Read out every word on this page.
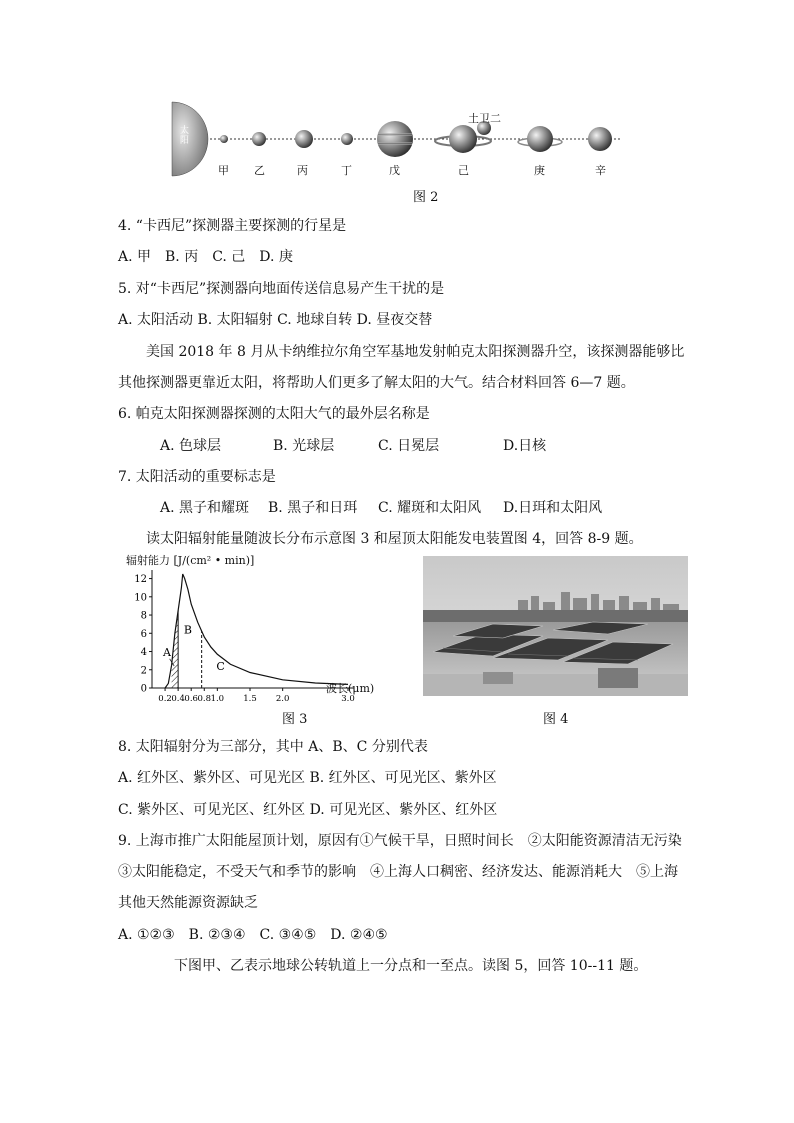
太阳
土卫二
甲 乙	丙	丁	戊	己	庚	辛
图 2
4. “卡西尼”探测器主要探测的行星是
A. 甲　B. 丙　C. 己　D. 庚
5. 对“卡西尼”探测器向地面传送信息易产生干扰的是
A. 太阳活动 B. 太阳辐射 C. 地球自转 D. 昼夜交替
美国 2018 年 8 月从卡纳维拉尔角空军基地发射帕克太阳探测器升空，该探测器能够比
其他探测器更靠近太阳，将帮助人们更多了解太阳的大气。结合材料回答 6—7 题。
6. 帕克太阳探测器探测的太阳大气的最外层名称是
A. 色球层	B. 光球层	C. 日冕层	D.日核
7. 太阳活动的重要标志是
A. 黑子和耀斑 B. 黑子和日珥 C. 耀斑和太阳风 D.日珥和太阳风
读太阳辐射能量随波长分布示意图 3 和屋顶太阳能发电装置图 4，回答 8-9 题。
辐射能力 [J/(cm² • min)]
0
2
4
6
8
10
12
0.2 0.4 0.6 0.8 1.0 1.5 2.0	3.0
A
B
C
波长(μm)
图 3	图 4
8. 太阳辐射分为三部分，其中 A、B、C 分别代表
A. 红外区、紫外区、可见光区 B. 红外区、可见光区、紫外区
C. 紫外区、可见光区、红外区 D. 可见光区、紫外区、红外区
9. 上海市推广太阳能屋顶计划，原因有①气候干旱，日照时间长　②太阳能资源清洁无污染
③太阳能稳定，不受天气和季节的影响　④上海人口稠密、经济发达、能源消耗大　⑤上海
其他天然能源资源缺乏
A. ①②③　B. ②③④　C. ③④⑤　D. ②④⑤
下图甲、乙表示地球公转轨道上一分点和一至点。读图 5，回答 10--11 题。
